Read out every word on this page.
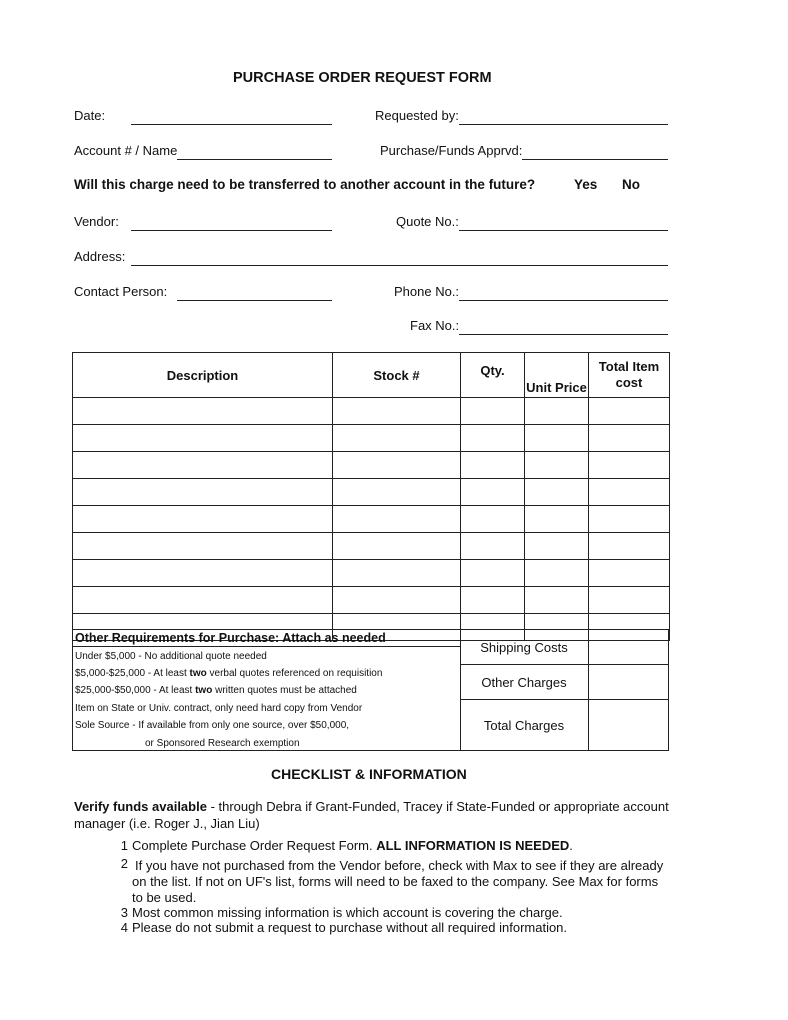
PURCHASE ORDER REQUEST FORM
Date:	Requested by:
Account # / Name	Purchase/Funds Apprvd:
Will this charge need to be transferred to another account in the future?	Yes No
Vendor:	Quote No.:
Address:
Contact Person:	Phone No.:
Fax No.:
Description	Stock #	Qty.	Unit Price	Total Item cost

Other Requirements for Purchase: Attach as needed
Under $5,000 - No additional quote needed
$5,000-$25,000 - At least two verbal quotes referenced on requisition
$25,000-$50,000 - At least two written quotes must be attached
Item on State or Univ. contract, only need hard copy from Vendor
Sole Source - If available from only one source, over $50,000,
or Sponsored Research exemption
Shipping Costs
Other Charges
Total Charges
CHECKLIST & INFORMATION
Verify funds available - through Debra if Grant-Funded, Tracey if State-Funded or appropriate account
manager (i.e. Roger J., Jian Liu)
1 Complete Purchase Order Request Form. ALL INFORMATION IS NEEDED.
2 If you have not purchased from the Vendor before, check with Max to see if they are already
on the list. If not on UF's list, forms will need to be faxed to the company. See Max for forms
to be used.
3 Most common missing information is which account is covering the charge.
4 Please do not submit a request to purchase without all required information.
